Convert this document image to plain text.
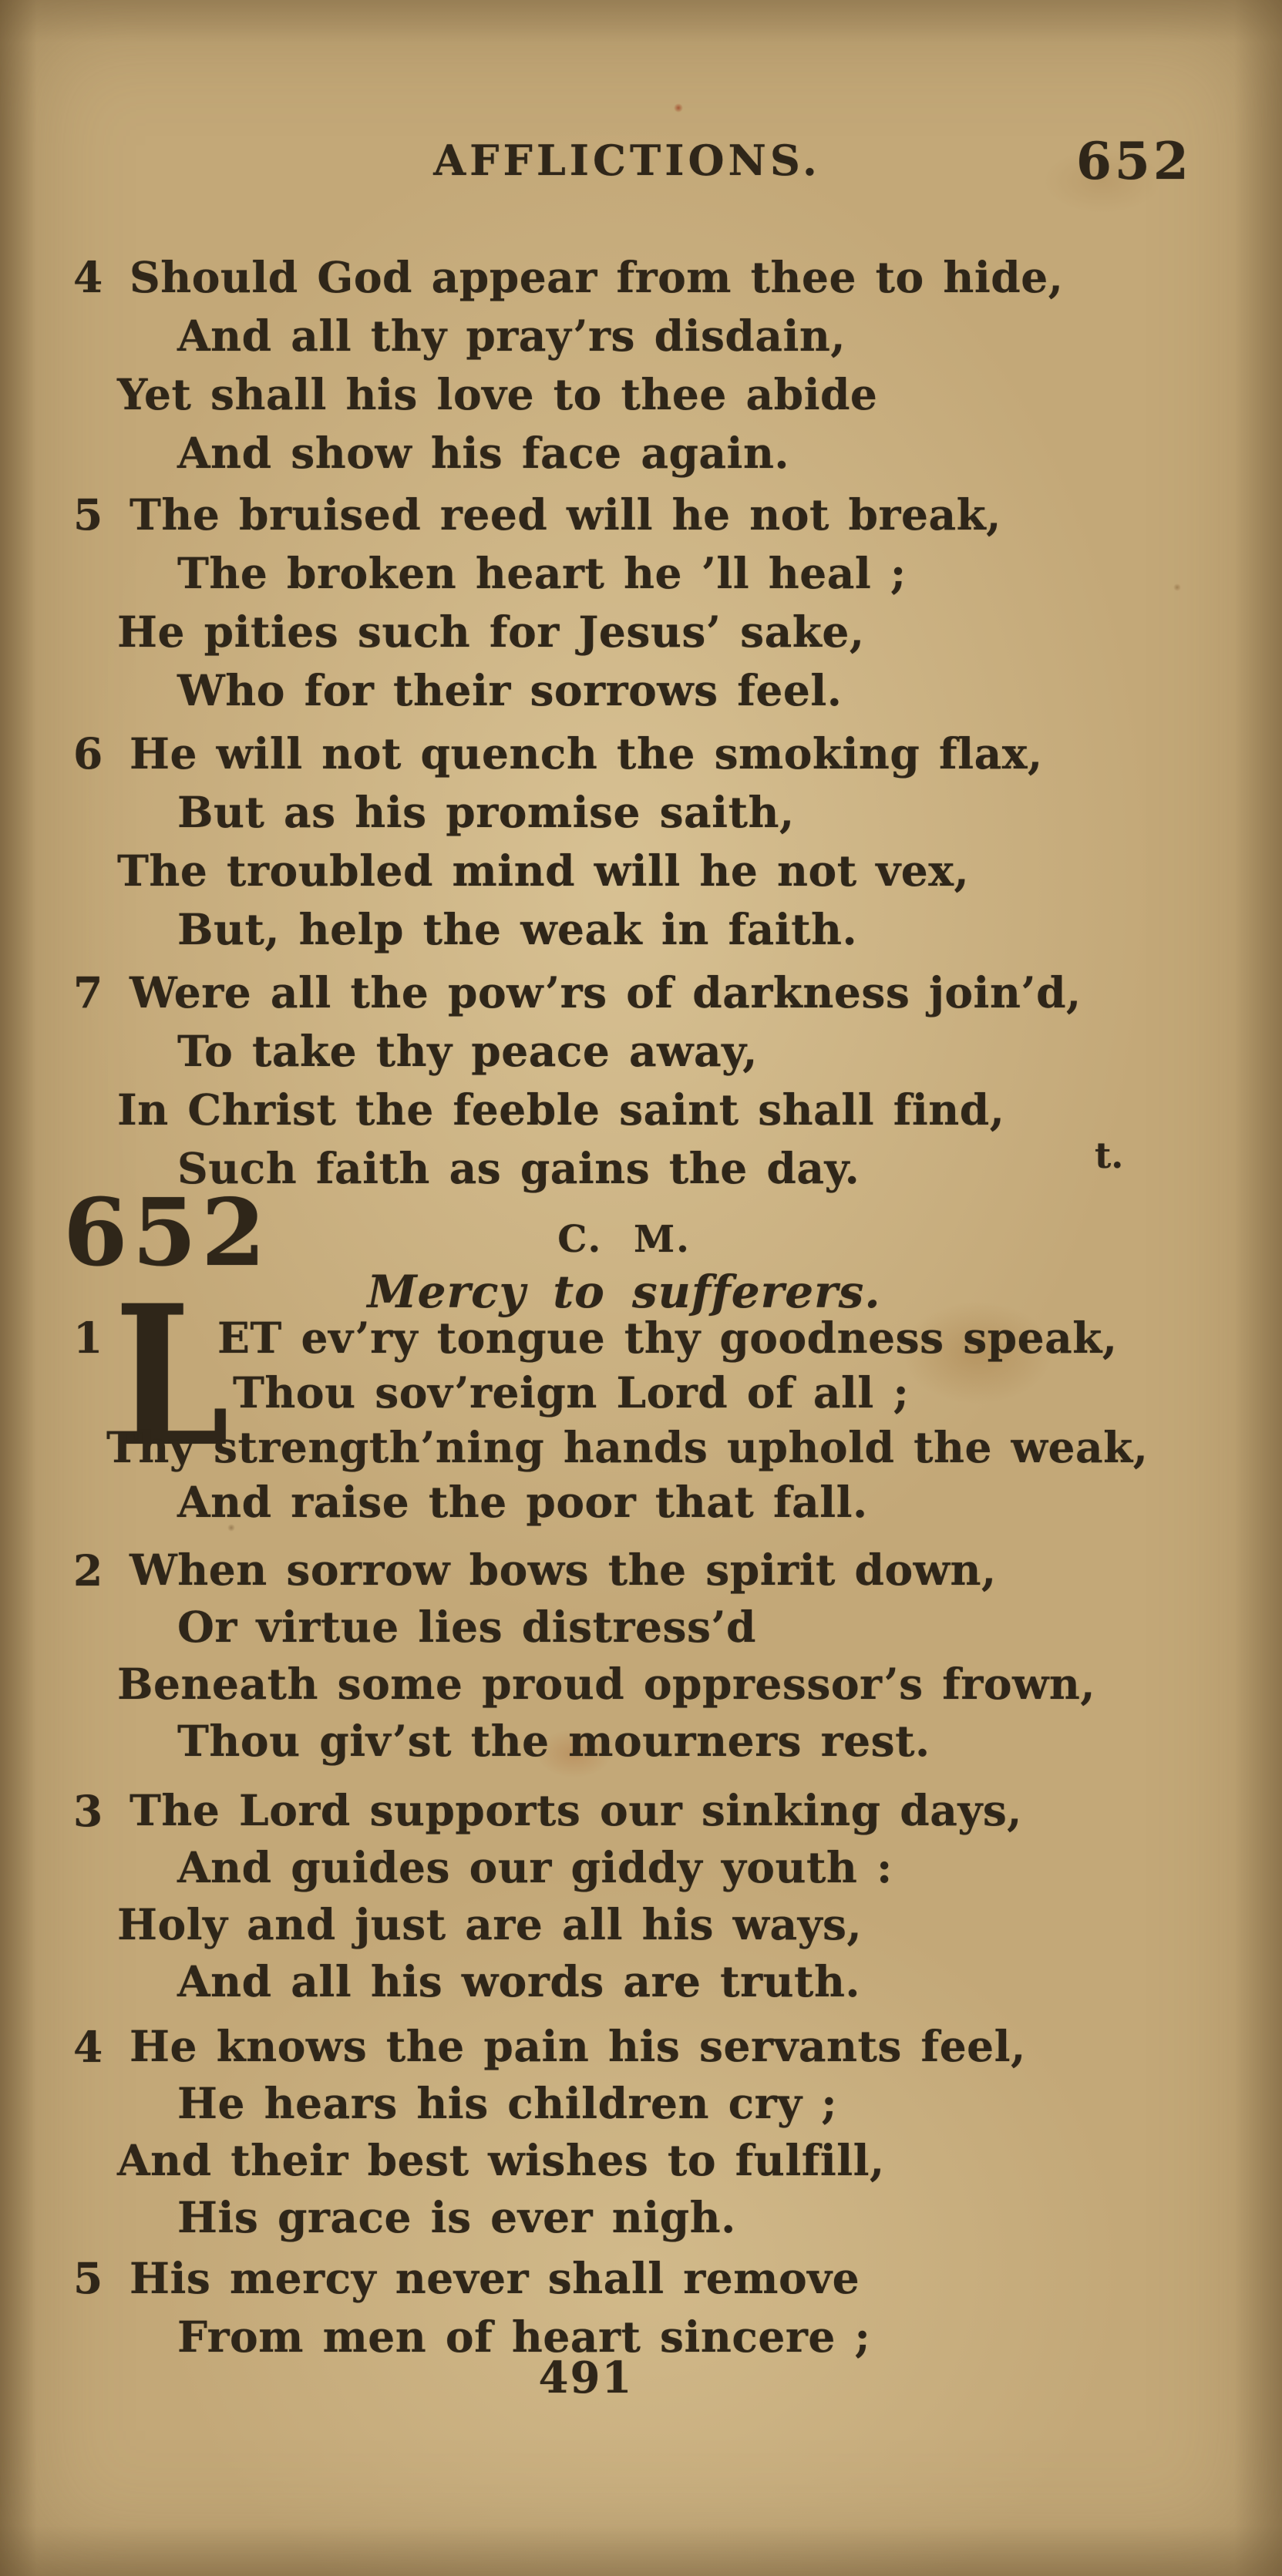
AFFLICTIONS.	652
4 Should God appear from thee to hide,
And all thy pray’rs disdain,
Yet shall his love to thee abide
And show his face again.
5 The bruised reed will he not break,
The broken heart he ’ll heal ;
He pities such for Jesus’ sake,
Who for their sorrows feel.
6 He will not quench the smoking flax,
But as his promise saith,
The troubled mind will he not vex,
But, help the weak in faith.
7 Were all the pow’rs of darkness join’d,
To take thy peace away,
In Christ the feeble saint shall find,
Such faith as gains the day.	t.
652	C. M.
Mercy to sufferers.
1 L
ET ev’ry tongue thy goodness speak,
Thou sov’reign Lord of all ;
Thy strength’ning hands uphold the weak,
And raise the poor that fall.
2 When sorrow bows the spirit down,
Or virtue lies distress’d
Beneath some proud oppressor’s frown,
Thou giv’st the mourners rest.
3 The Lord supports our sinking days,
And guides our giddy youth :
Holy and just are all his ways,
And all his words are truth.
4 He knows the pain his servants feel,
He hears his children cry ;
And their best wishes to fulfill,
His grace is ever nigh.
5 His mercy never shall remove
From men of heart sincere ;
491
